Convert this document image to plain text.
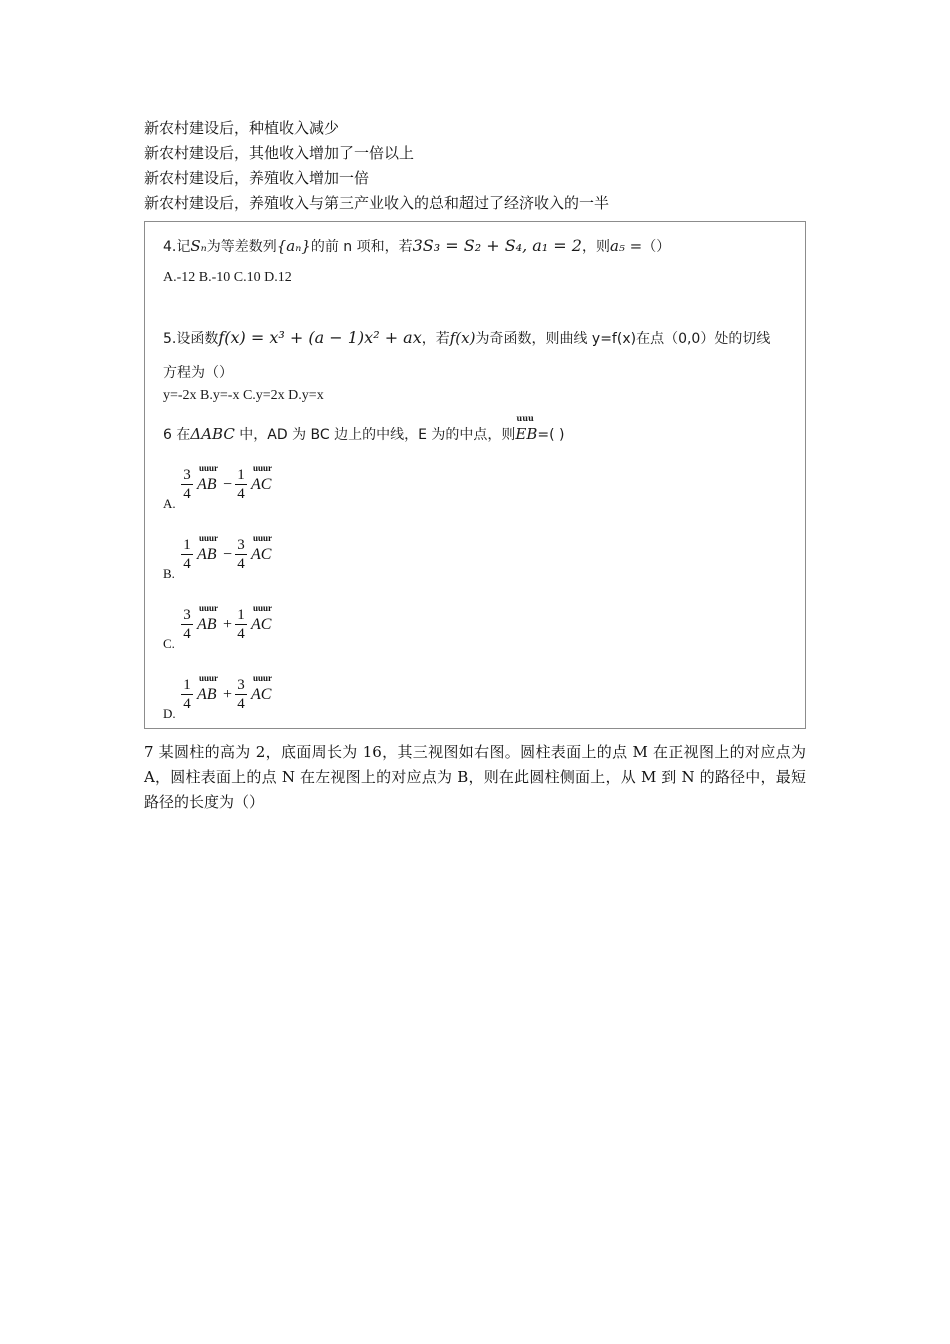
新农村建设后，种植收入减少
新农村建设后，其他收入增加了一倍以上
新农村建设后，养殖收入增加一倍
新农村建设后，养殖收入与第三产业收入的总和超过了经济收入的一半
4.记Sₙ为等差数列{aₙ}的前 n 项和，若3S₃ = S₂ + S₄, a₁ = 2，则a₅ =（）
A.-12 B.-10 C.10 D.12
5.设函数f(x) = x³ + (a − 1)x² + ax，若f(x)为奇函数，则曲线 y=f(x)在点（0,0）处的切线
方程为（）
y=-2x B.y=-x C.y=2x D.y=x
6 在ΔABC 中，AD 为 BC 边上的中线，E 为的中点，则
uuu
EB=( )
A.
$\frac{3}{4}$ uuur
AB − $\frac{1}{4}$ uuur
AC
B.
$\frac{1}{4}$ uuur
AB − $\frac{3}{4}$ uuur
AC
C.
$\frac{3}{4}$ uuur
AB + $\frac{1}{4}$ uuur
AC
D.
$\frac{1}{4}$ uuur
AB + $\frac{3}{4}$ uuur
AC
7 某圆柱的高为 2，底面周长为 16，其三视图如右图。圆柱表面上的点 M 在正视图上的对应点为 A，圆柱表面上的点 N 在左视图上的对应点为 B，则在此圆柱侧面上，从 M 到 N 的路径中，最短路径的长度为（）
